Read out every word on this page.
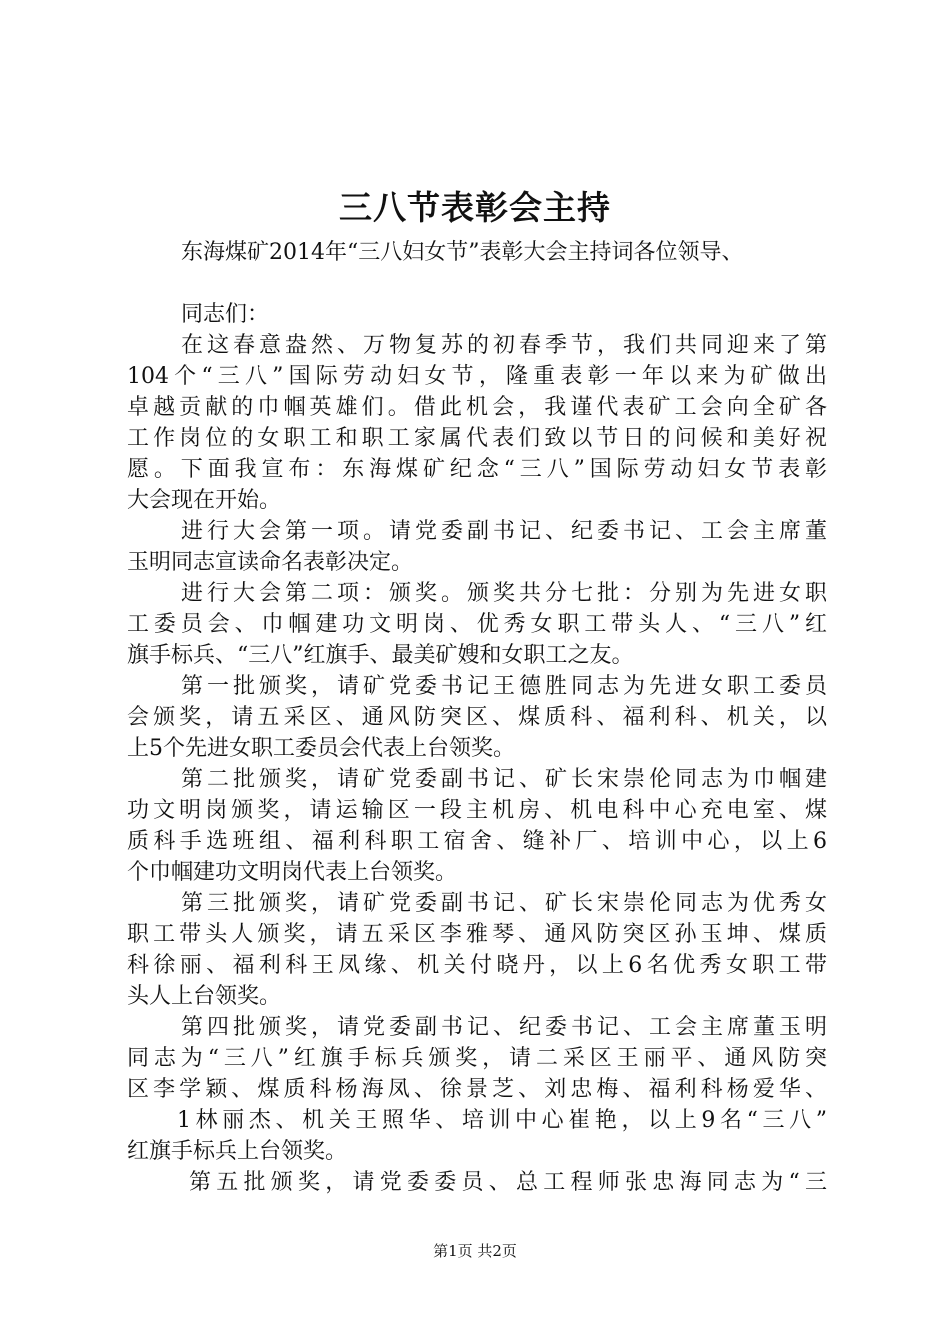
三八节表彰会主持
东海煤矿2014年“三八妇女节”表彰大会主持词各位领导、
同志们：
在这春意盎然、万物复苏的初春季节，我们共同迎来了第
104个“三八”国际劳动妇女节，隆重表彰一年以来为矿做出
卓越贡献的巾帼英雄们。借此机会，我谨代表矿工会向全矿各
工作岗位的女职工和职工家属代表们致以节日的问候和美好祝
愿。下面我宣布：东海煤矿纪念“三八”国际劳动妇女节表彰
大会现在开始。
进行大会第一项。请党委副书记、纪委书记、工会主席董
玉明同志宣读命名表彰决定。
进行大会第二项：颁奖。颁奖共分七批：分别为先进女职
工委员会、巾帼建功文明岗、优秀女职工带头人、“三八”红
旗手标兵、“三八”红旗手、最美矿嫂和女职工之友。
第一批颁奖，请矿党委书记王德胜同志为先进女职工委员
会颁奖，请五采区、通风防突区、煤质科、福利科、机关，以
上5个先进女职工委员会代表上台领奖。
第二批颁奖，请矿党委副书记、矿长宋崇伦同志为巾帼建
功文明岗颁奖，请运输区一段主机房、机电科中心充电室、煤
质科手选班组、福利科职工宿舍、缝补厂、培训中心，以上6
个巾帼建功文明岗代表上台领奖。
第三批颁奖，请矿党委副书记、矿长宋崇伦同志为优秀女
职工带头人颁奖，请五采区李雅琴、通风防突区孙玉坤、煤质
科徐丽、福利科王凤缘、机关付晓丹，以上6名优秀女职工带
头人上台领奖。
第四批颁奖，请党委副书记、纪委书记、工会主席董玉明
同志为“三八”红旗手标兵颁奖，请二采区王丽平、通风防突
区李学颖、煤质科杨海凤、徐景芝、刘忠梅、福利科杨爱华、
1林丽杰、机关王照华、培训中心崔艳，以上9名“三八”
红旗手标兵上台领奖。
第五批颁奖，请党委委员、总工程师张忠海同志为“三
第1页 共2页
